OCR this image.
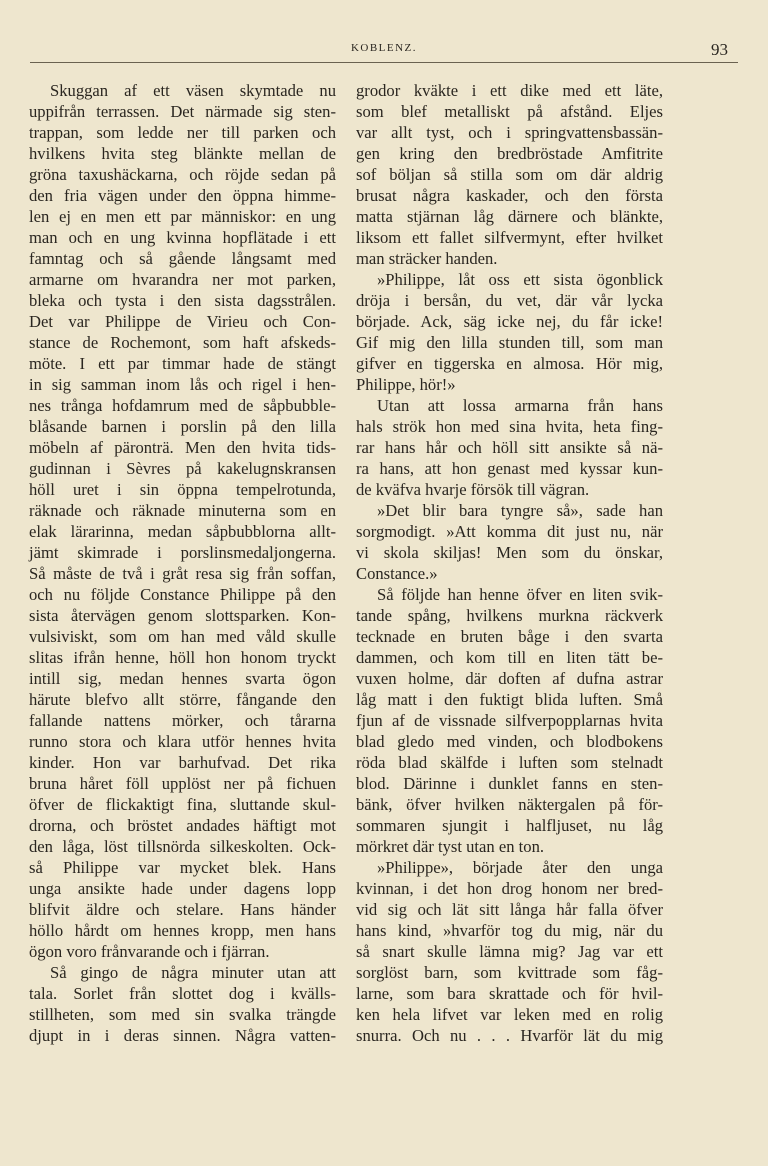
KOBLENZ.	93
Skuggan af ett väsen skymtade nu
uppifrån terrassen. Det närmade sig sten-
trappan, som ledde ner till parken och
hvilkens hvita steg blänkte mellan de
gröna taxushäckarna, och röjde sedan på
den fria vägen under den öppna himme-
len ej en men ett par människor: en ung
man och en ung kvinna hopflätade i ett
famntag och så gående långsamt med
armarne om hvarandra ner mot parken,
bleka och tysta i den sista dagsstrålen.
Det var Philippe de Virieu och Con-
stance de Rochemont, som haft afskeds-
möte. I ett par timmar hade de stängt
in sig samman inom lås och rigel i hen-
nes trånga hofdamrum med de såpbubble-
blåsande barnen i porslin på den lilla
möbeln af päronträ. Men den hvita tids-
gudinnan i Sèvres på kakelugnskransen
höll uret i sin öppna tempelrotunda,
räknade och räknade minuterna som en
elak lärarinna, medan såpbubblorna allt-
jämt skimrade i porslinsmedaljongerna.
Så måste de två i gråt resa sig från soffan,
och nu följde Constance Philippe på den
sista återvägen genom slottsparken. Kon-
vulsiviskt, som om han med våld skulle
slitas ifrån henne, höll hon honom tryckt
intill sig, medan hennes svarta ögon
härute blefvo allt större, fångande den
fallande nattens mörker, och tårarna
runno stora och klara utför hennes hvita
kinder. Hon var barhufvad. Det rika
bruna håret föll upplöst ner på fichuen
öfver de flickaktigt fina, sluttande skul-
drorna, och bröstet andades häftigt mot
den låga, löst tillsnörda silkeskolten. Ock-
så Philippe var mycket blek. Hans
unga ansikte hade under dagens lopp
blifvit äldre och stelare. Hans händer
höllo hårdt om hennes kropp, men hans
ögon voro frånvarande och i fjärran.
Så gingo de några minuter utan att
tala. Sorlet från slottet dog i kvälls-
stillheten, som med sin svalka trängde
djupt in i deras sinnen. Några vatten-
grodor kväkte i ett dike med ett läte,
som blef metalliskt på afstånd. Eljes
var allt tyst, och i springvattensbassän-
gen kring den bredbröstade Amfitrite
sof böljan så stilla som om där aldrig
brusat några kaskader, och den första
matta stjärnan låg därnere och blänkte,
liksom ett fallet silfvermynt, efter hvilket
man sträcker handen.
»Philippe, låt oss ett sista ögonblick
dröja i bersån, du vet, där vår lycka
började. Ack, säg icke nej, du får icke!
Gif mig den lilla stunden till, som man
gifver en tiggerska en almosa. Hör mig,
Philippe, hör!»
Utan att lossa armarna från hans
hals strök hon med sina hvita, heta fing-
rar hans hår och höll sitt ansikte så nä-
ra hans, att hon genast med kyssar kun-
de kväfva hvarje försök till vägran.
»Det blir bara tyngre så», sade han
sorgmodigt. »Att komma dit just nu, när
vi skola skiljas! Men som du önskar,
Constance.»
Så följde han henne öfver en liten svik-
tande spång, hvilkens murkna räckverk
tecknade en bruten båge i den svarta
dammen, och kom till en liten tätt be-
vuxen holme, där doften af dufna astrar
låg matt i den fuktigt blida luften. Små
fjun af de vissnade silfverpopplarnas hvita
blad gledo med vinden, och blodbokens
röda blad skälfde i luften som stelnadt
blod. Därinne i dunklet fanns en sten-
bänk, öfver hvilken näktergalen på för-
sommaren sjungit i halfljuset, nu låg
mörkret där tyst utan en ton.
»Philippe», började åter den unga
kvinnan, i det hon drog honom ner bred-
vid sig och lät sitt långa hår falla öfver
hans kind, »hvarför tog du mig, när du
så snart skulle lämna mig? Jag var ett
sorglöst barn, som kvittrade som fåg-
larne, som bara skrattade och för hvil-
ken hela lifvet var leken med en rolig
snurra. Och nu . . . Hvarför lät du mig
